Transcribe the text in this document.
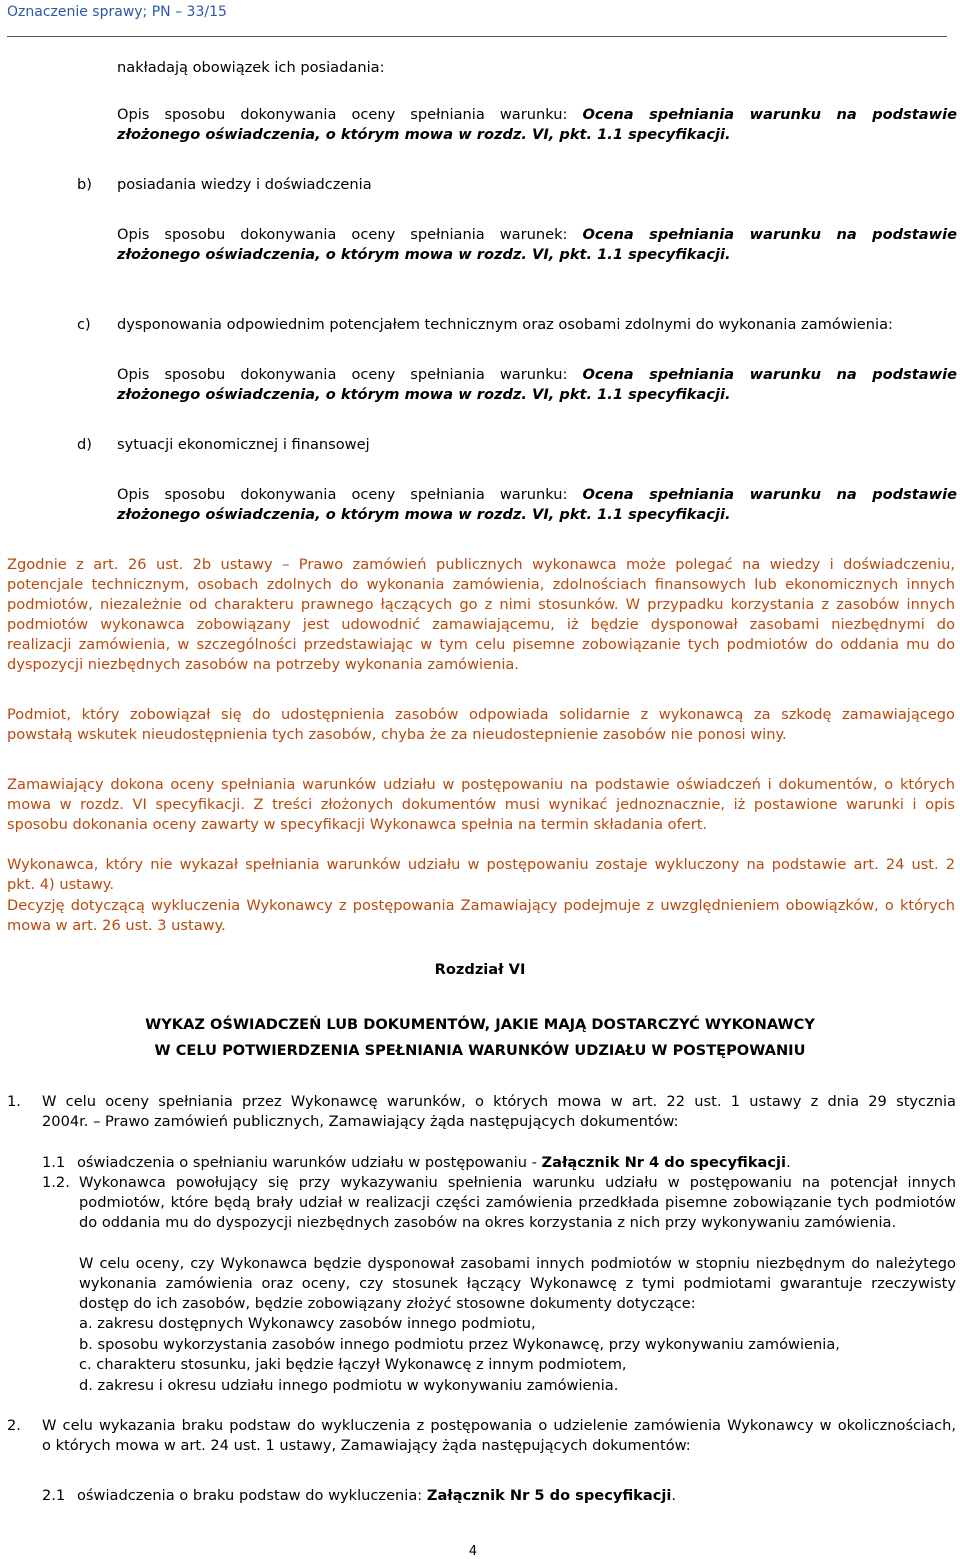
Oznaczenie sprawy; PN – 33/15
nakładają obowiązek ich posiadania:
Opis sposobu dokonywania oceny spełniania warunku: Ocena spełniania warunku na podstawie
złożonego oświadczenia, o którym mowa w rozdz. VI, pkt. 1.1 specyfikacji.
b) posiadania wiedzy i doświadczenia
Opis sposobu dokonywania oceny spełniania warunek: Ocena spełniania warunku na podstawie
złożonego oświadczenia, o którym mowa w rozdz. VI, pkt. 1.1 specyfikacji.
c) dysponowania odpowiednim potencjałem technicznym oraz osobami zdolnymi do wykonania zamówienia:
Opis sposobu dokonywania oceny spełniania warunku: Ocena spełniania warunku na podstawie
złożonego oświadczenia, o którym mowa w rozdz. VI, pkt. 1.1 specyfikacji.
d) sytuacji ekonomicznej i finansowej
Opis sposobu dokonywania oceny spełniania warunku: Ocena spełniania warunku na podstawie
złożonego oświadczenia, o którym mowa w rozdz. VI, pkt. 1.1 specyfikacji.
Zgodnie z art. 26 ust. 2b ustawy – Prawo zamówień publicznych wykonawca może polegać na wiedzy i doświadczeniu,
potencjale technicznym, osobach zdolnych do wykonania zamówienia, zdolnościach finansowych lub ekonomicznych innych
podmiotów, niezależnie od charakteru prawnego łączących go z nimi stosunków. W przypadku korzystania z zasobów innych
podmiotów wykonawca zobowiązany jest udowodnić zamawiającemu, iż będzie dysponował zasobami niezbędnymi do
realizacji zamówienia, w szczególności przedstawiając w tym celu pisemne zobowiązanie tych podmiotów do oddania mu do
dyspozycji niezbędnych zasobów na potrzeby wykonania zamówienia.
Podmiot, który zobowiązał się do udostępnienia zasobów odpowiada solidarnie z wykonawcą za szkodę zamawiającego
powstałą wskutek nieudostępnienia tych zasobów, chyba że za nieudostepnienie zasobów nie ponosi winy.
Zamawiający dokona oceny spełniania warunków udziału w postępowaniu na podstawie oświadczeń i dokumentów, o których
mowa w rozdz. VI specyfikacji. Z treści złożonych dokumentów musi wynikać jednoznacznie, iż postawione warunki i opis
sposobu dokonania oceny zawarty w specyfikacji Wykonawca spełnia na termin składania ofert.
Wykonawca, który nie wykazał spełniania warunków udziału w postępowaniu zostaje wykluczony na podstawie art. 24 ust. 2
pkt. 4) ustawy.
Decyzję dotyczącą wykluczenia Wykonawcy z postępowania Zamawiający podejmuje z uwzględnieniem obowiązków, o których
mowa w art. 26 ust. 3 ustawy.
Rozdział VI
WYKAZ OŚWIADCZEŃ LUB DOKUMENTÓW, JAKIE MAJĄ DOSTARCZYĆ WYKONAWCY
W CELU POTWIERDZENIA SPEŁNIANIA WARUNKÓW UDZIAŁU W POSTĘPOWANIU
1. W celu oceny spełniania przez Wykonawcę warunków, o których mowa w art. 22 ust. 1 ustawy z dnia 29 stycznia
2004r. – Prawo zamówień publicznych, Zamawiający żąda następujących dokumentów:
1.1 oświadczenia o spełnianiu warunków udziału w postępowaniu - Załącznik Nr 4 do specyfikacji.
1.2. Wykonawca powołujący się przy wykazywaniu spełnienia warunku udziału w postępowaniu na potencjał innych
podmiotów, które będą brały udział w realizacji części zamówienia przedkłada pisemne zobowiązanie tych podmiotów
do oddania mu do dyspozycji niezbędnych zasobów na okres korzystania z nich przy wykonywaniu zamówienia.
W celu oceny, czy Wykonawca będzie dysponował zasobami innych podmiotów w stopniu niezbędnym do należytego
wykonania zamówienia oraz oceny, czy stosunek łączący Wykonawcę z tymi podmiotami gwarantuje rzeczywisty
dostęp do ich zasobów, będzie zobowiązany złożyć stosowne dokumenty dotyczące:
a. zakresu dostępnych Wykonawcy zasobów innego podmiotu,
b. sposobu wykorzystania zasobów innego podmiotu przez Wykonawcę, przy wykonywaniu zamówienia,
c. charakteru stosunku, jaki będzie łączył Wykonawcę z innym podmiotem,
d. zakresu i okresu udziału innego podmiotu w wykonywaniu zamówienia.
2. W celu wykazania braku podstaw do wykluczenia z postępowania o udzielenie zamówienia Wykonawcy w okolicznościach,
o których mowa w art. 24 ust. 1 ustawy, Zamawiający żąda następujących dokumentów:
2.1 oświadczenia o braku podstaw do wykluczenia: Załącznik Nr 5 do specyfikacji.
4
